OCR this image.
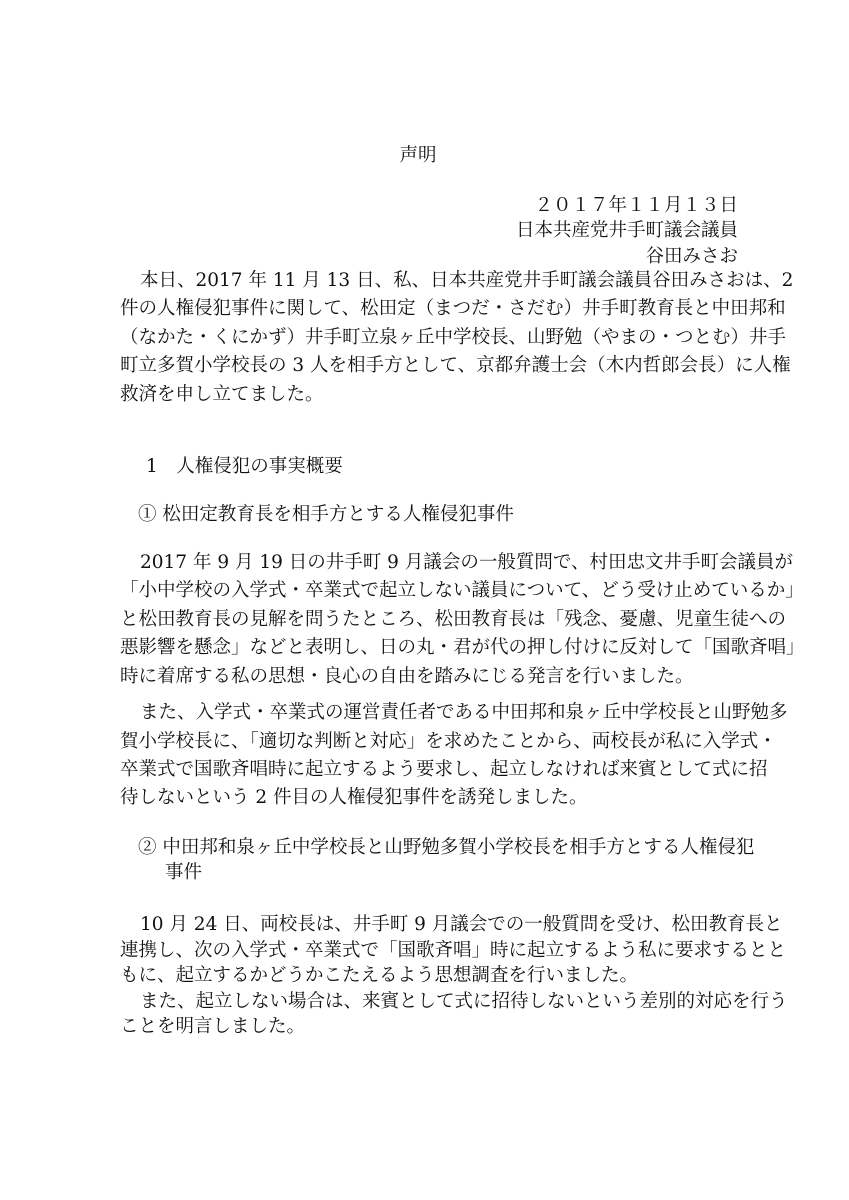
声明
２０１７年１１月１３日
日本共産党井手町議会議員
谷田みさお
本日、2017 年 11 月 13 日、私、日本共産党井手町議会議員谷田みさおは、2
件の人権侵犯事件に関して、松田定（まつだ・さだむ）井手町教育長と中田邦和
（なかた・くにかず）井手町立泉ヶ丘中学校長、山野勉（やまの・つとむ）井手
町立多賀小学校長の 3 人を相手方として、京都弁護士会（木内哲郎会長）に人権
救済を申し立てました。
1　人権侵犯の事実概要
① 松田定教育長を相手方とする人権侵犯事件
2017 年 9 月 19 日の井手町 9 月議会の一般質問で、村田忠文井手町会議員が
「小中学校の入学式・卒業式で起立しない議員について、どう受け止めているか」
と松田教育長の見解を問うたところ、松田教育長は「残念、憂慮、児童生徒への
悪影響を懸念」などと表明し、日の丸・君が代の押し付けに反対して「国歌斉唱」
時に着席する私の思想・良心の自由を踏みにじる発言を行いました。
また、入学式・卒業式の運営責任者である中田邦和泉ヶ丘中学校長と山野勉多
賀小学校長に、「適切な判断と対応」を求めたことから、両校長が私に入学式・
卒業式で国歌斉唱時に起立するよう要求し、起立しなければ来賓として式に招
待しないという 2 件目の人権侵犯事件を誘発しました。
② 中田邦和泉ヶ丘中学校長と山野勉多賀小学校長を相手方とする人権侵犯
事件
10 月 24 日、両校長は、井手町 9 月議会での一般質問を受け、松田教育長と
連携し、次の入学式・卒業式で「国歌斉唱」時に起立するよう私に要求するとと
もに、起立するかどうかこたえるよう思想調査を行いました。
また、起立しない場合は、来賓として式に招待しないという差別的対応を行う
ことを明言しました。
